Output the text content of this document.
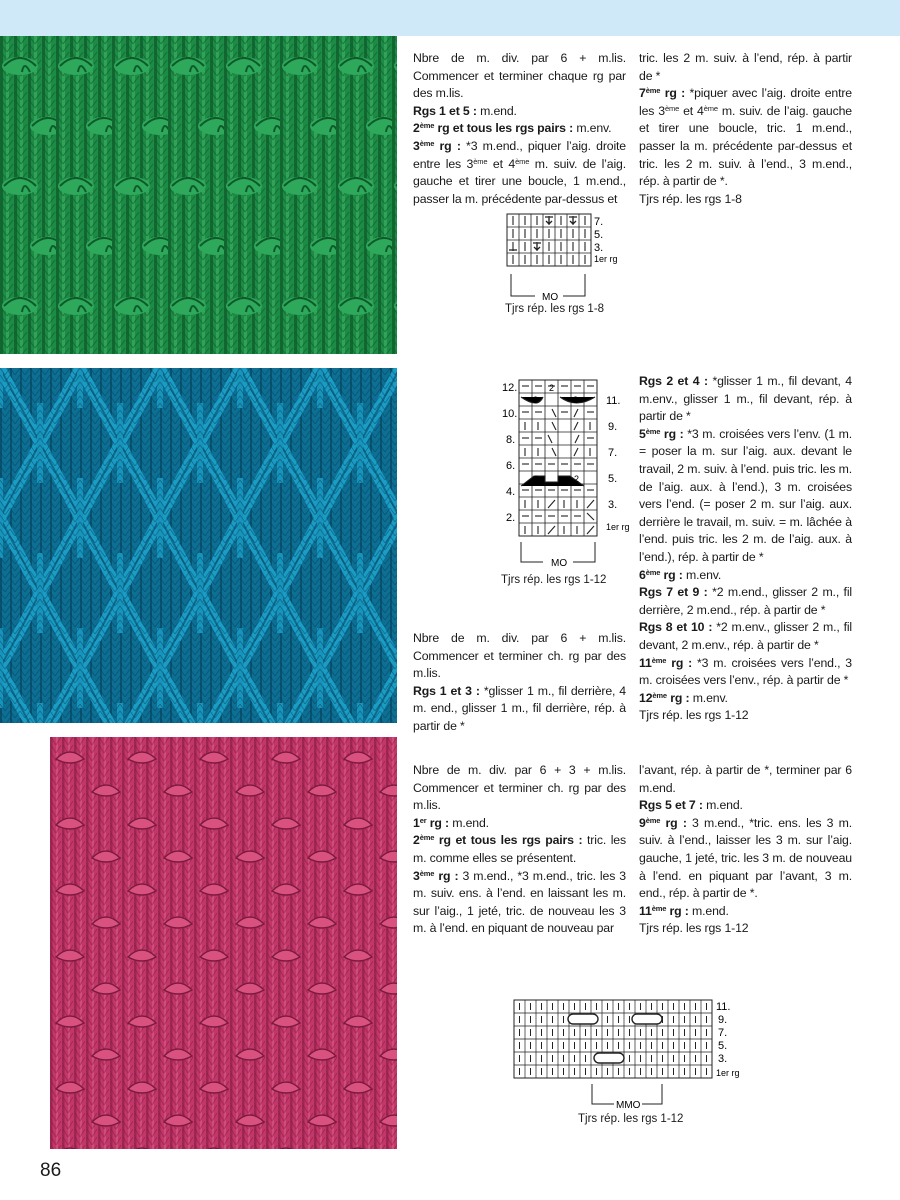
Nbre de m. div. par 6 + m.lis. Commencer et terminer chaque rg par des m.lis.

Rgs 1 et 5 : m.end.

2ème rg et tous les rgs pairs : m.env.

3ème rg : *3 m.end., piquer l’aig. droite entre les 3ème et 4ème m. suiv. de l’aig. gauche et tirer une boucle, 1 m.end., passer la m. précédente par-dessus et

tric. les 2 m. suiv. à l’end, rép. à partir de *

7ème rg : *piquer avec l’aig. droite entre les 3ème et 4ème m. suiv. de l’aig. gauche et tirer une boucle, tric. 1 m.end., passer la m. précédente par-dessus et tric. les 2 m. suiv. à l’end., 3 m.end., rép. à partir de *.

Tjrs rép. les rgs 1-8

7.
5.
3.
1er rg
MO
Tjrs rép. les rgs 1-8
2
2
2
2	2
12.
10.
8.
6.
4.
2.
11.
9.
7.
5.
3.
1er rg
MO
Tjrs rép. les rgs 1-12

Nbre de m. div. par 6 + m.lis. Commencer et terminer ch. rg par des m.lis.

Rgs 1 et 3 : *glisser 1 m., fil derrière, 4 m. end., glisser 1 m., fil derrière, rép. à partir de *

Rgs 2 et 4 : *glisser 1 m., fil devant, 4 m.env., glisser 1 m., fil devant, rép. à partir de *

5ème rg : *3 m. croisées vers l’env. (1 m. = poser la m. sur l’aig. aux. devant le travail, 2 m. suiv. à l’end. puis tric. les m. de l’aig. aux. à l’end.), 3 m. croisées vers l’end. (= poser 2 m. sur l’aig. aux. derrière le travail, m. suiv. = m. lâchée à l’end. puis tric. les 2 m. de l’aig. aux. à l’end.), rép. à partir de *

6ème rg : m.env.

Rgs 7 et 9 : *2 m.end., glisser 2 m., fil derrière, 2 m.end., rép. à partir de *

Rgs 8 et 10 : *2 m.env., glisser 2 m., fil devant, 2 m.env., rép. à partir de *

11ème rg : *3 m. croisées vers l’end., 3 m. croisées vers l’env., rép. à partir de *

12ème rg : m.env.

Tjrs rép. les rgs 1-12

Nbre de m. div. par 6 + 3 + m.lis. Commencer et terminer ch. rg par des m.lis.

1er rg : m.end.

2ème rg et tous les rgs pairs : tric. les m. comme elles se présentent.

3ème rg : 3 m.end., *3 m.end., tric. les 3 m. suiv. ens. à l’end. en laissant les m. sur l’aig., 1 jeté, tric. de nouveau les 3 m. à l’end. en piquant de nouveau par

l’avant, rép. à partir de *, terminer par 6 m.end.

Rgs 5 et 7 : m.end.

9ème rg : 3 m.end., *tric. ens. les 3 m. suiv. à l’end., laisser les 3 m. sur l’aig. gauche, 1 jeté, tric. les 3 m. de nouveau à l’end. en piquant par l’avant, 3 m. end., rép. à partir de *.

11ème rg : m.end.

Tjrs rép. les rgs 1-12

11.
9.
7.
5.
3.
1er rg
MMO
Tjrs rép. les rgs 1-12
86
